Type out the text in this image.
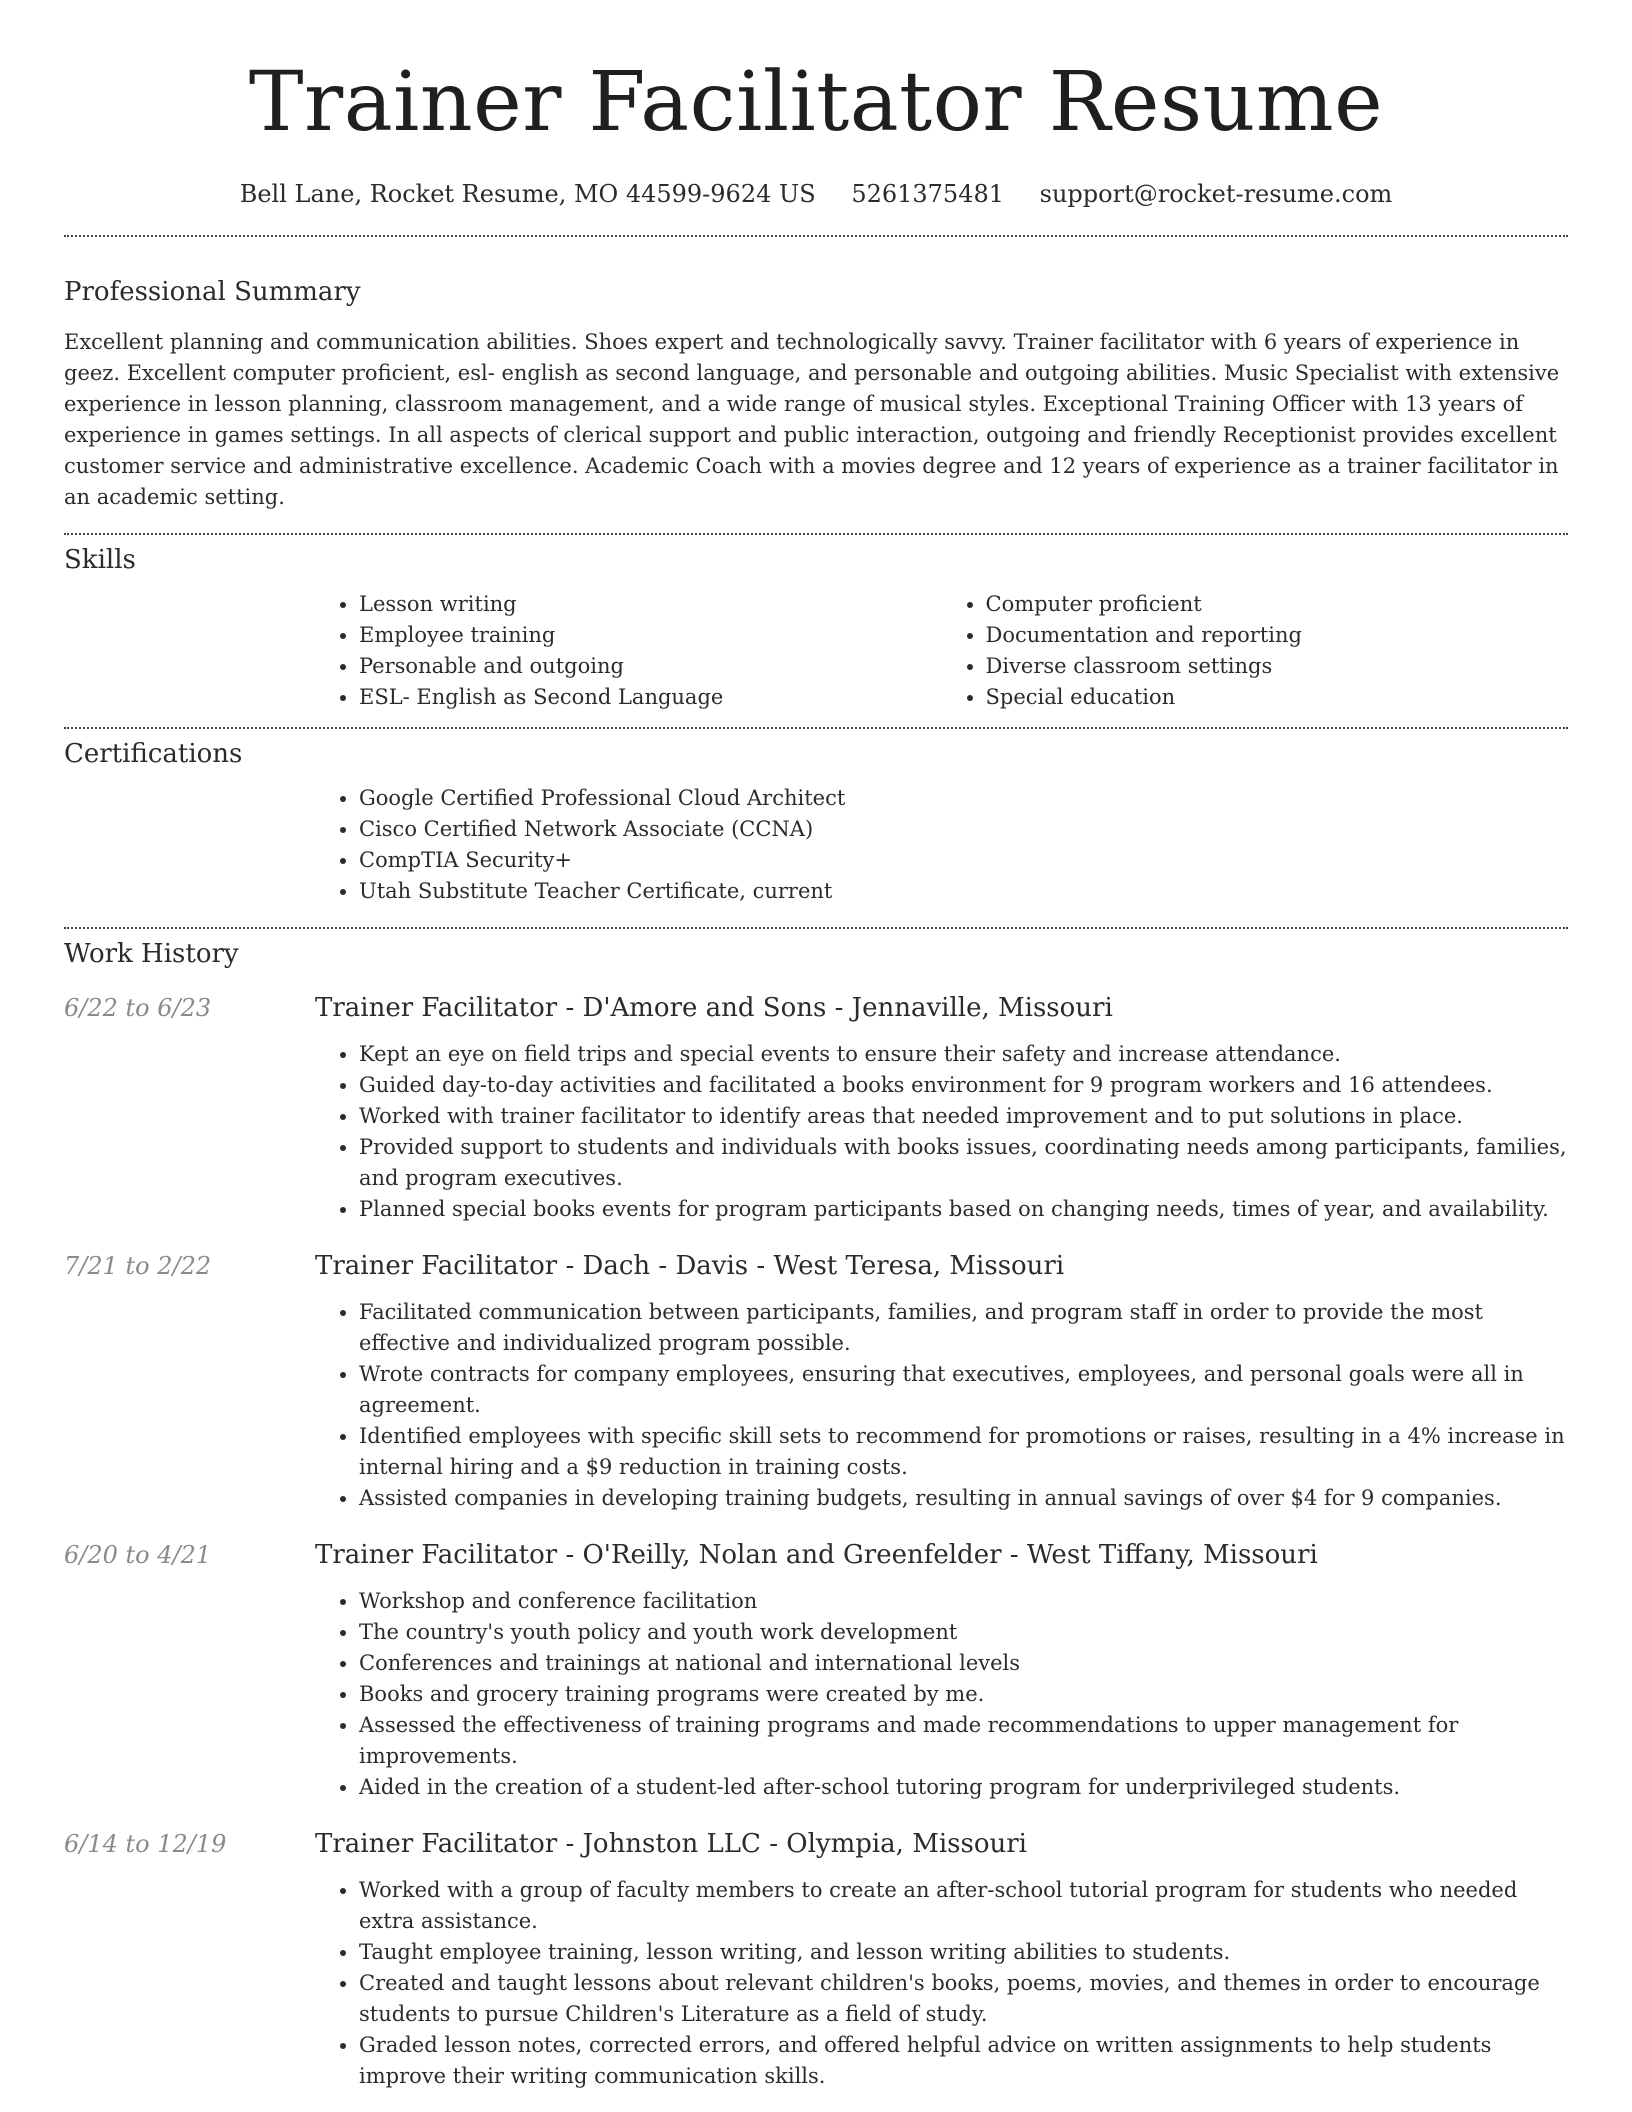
Trainer Facilitator Resume
Bell Lane, Rocket Resume, MO 44599-9624 US 5261375481 support@rocket-resume.com
Professional Summary

Excellent planning and communication abilities. Shoes expert and technologically savvy. Trainer facilitator with 6 years of experience in geez. Excellent computer proficient, esl- english as second language, and personable and outgoing abilities. Music Specialist with extensive experience in lesson planning, classroom management, and a wide range of musical styles. Exceptional Training Officer with 13 years of experience in games settings. In all aspects of clerical support and public interaction, outgoing and friendly Receptionist provides excellent customer service and administrative excellence. Academic Coach with a movies degree and 12 years of experience as a trainer facilitator in an academic setting.

Skills
• Lesson writing
• Employee training
• Personable and outgoing
• ESL- English as Second Language
• Computer proficient
• Documentation and reporting
• Diverse classroom settings
• Special education
Certifications
• Google Certified Professional Cloud Architect
• Cisco Certified Network Associate (CCNA)
• CompTIA Security+
• Utah Substitute Teacher Certificate, current
Work History
6/22 to 6/23	Trainer Facilitator - D'Amore and Sons - Jennaville, Missouri
• Kept an eye on field trips and special events to ensure their safety and increase attendance.
• Guided day-to-day activities and facilitated a books environment for 9 program workers and 16 attendees.
• Worked with trainer facilitator to identify areas that needed improvement and to put solutions in place.
• Provided support to students and individuals with books issues, coordinating needs among participants, families, and program executives.
• Planned special books events for program participants based on changing needs, times of year, and availability.
7/21 to 2/22	Trainer Facilitator - Dach - Davis - West Teresa, Missouri
• Facilitated communication between participants, families, and program staff in order to provide the most effective and individualized program possible.
• Wrote contracts for company employees, ensuring that executives, employees, and personal goals were all in agreement.
• Identified employees with specific skill sets to recommend for promotions or raises, resulting in a 4% increase in internal hiring and a $9 reduction in training costs.
• Assisted companies in developing training budgets, resulting in annual savings of over $4 for 9 companies.
6/20 to 4/21	Trainer Facilitator - O'Reilly, Nolan and Greenfelder - West Tiffany, Missouri
• Workshop and conference facilitation
• The country's youth policy and youth work development
• Conferences and trainings at national and international levels
• Books and grocery training programs were created by me.
• Assessed the effectiveness of training programs and made recommendations to upper management for improvements.
• Aided in the creation of a student-led after-school tutoring program for underprivileged students.
6/14 to 12/19	Trainer Facilitator - Johnston LLC - Olympia, Missouri
• Worked with a group of faculty members to create an after-school tutorial program for students who needed extra assistance.
• Taught employee training, lesson writing, and lesson writing abilities to students.
• Created and taught lessons about relevant children's books, poems, movies, and themes in order to encourage students to pursue Children's Literature as a field of study.
• Graded lesson notes, corrected errors, and offered helpful advice on written assignments to help students improve their writing communication skills.
